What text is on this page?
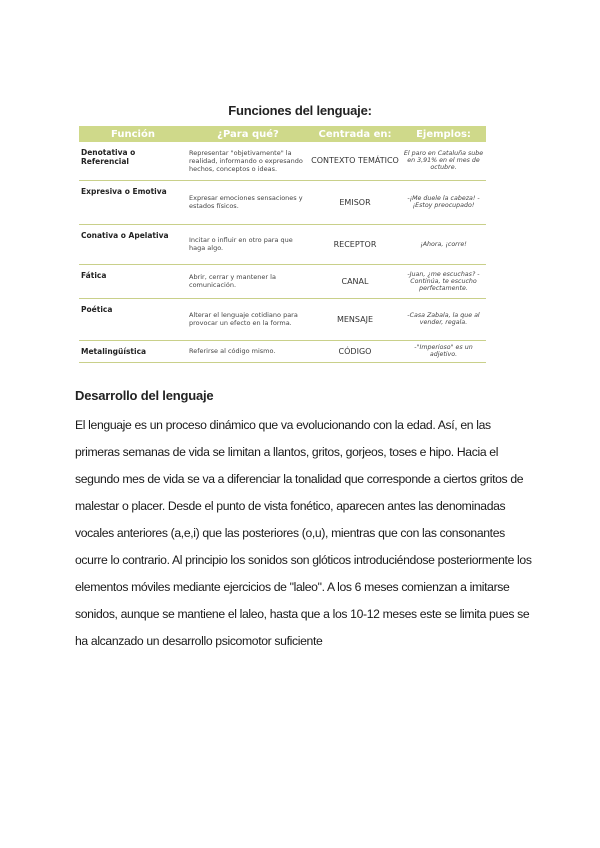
Funciones del lenguaje:
Función	¿Para qué?	Centrada en:	Ejemplos:
Denotativa o Referencial	Representar "objetivamente" la realidad, informando o expresando hechos, conceptos o ideas.	CONTEXTO TEMÁTICO	El paro en Cataluña sube en 3,91% en el mes de octubre.
Expresiva o Emotiva	Expresar emociones sensaciones y estados físicos.	EMISOR	-¡Me duele la cabeza! -¡Estoy preocupado!
Conativa o Apelativa	Incitar o influir en otro para que haga algo.	RECEPTOR	¡Ahora, ¡corre!
Fática	Abrir, cerrar y mantener la comunicación.	CANAL	-Juan, ¿me escuchas? -Continúa, te escucho perfectamente.
Poética	Alterar el lenguaje cotidiano para provocar un efecto en la forma.	MENSAJE	-Casa Zabala, la que al vender, regala.
Metalingüística	Referirse al código mismo.	CÓDIGO	-"Imperioso" es un adjetivo.
Desarrollo del lenguaje
El lenguaje es un proceso dinámico que va evolucionando con la edad. Así, en las primeras semanas de vida se limitan a llantos, gritos, gorjeos, toses e hipo. Hacia el segundo mes de vida se va a diferenciar la tonalidad que corresponde a ciertos gritos de malestar o placer. Desde el punto de vista fonético, aparecen antes las denominadas vocales anteriores (a,e,i) que las posteriores (o,u), mientras que con las consonantes ocurre lo contrario. Al principio los sonidos son glóticos introduciéndose posteriormente los elementos móviles mediante ejercicios de "laleo". A los 6 meses comienzan a imitarse sonidos, aunque se mantiene el laleo, hasta que a los 10-12 meses este se limita pues se ha alcanzado un desarrollo psicomotor suficiente
